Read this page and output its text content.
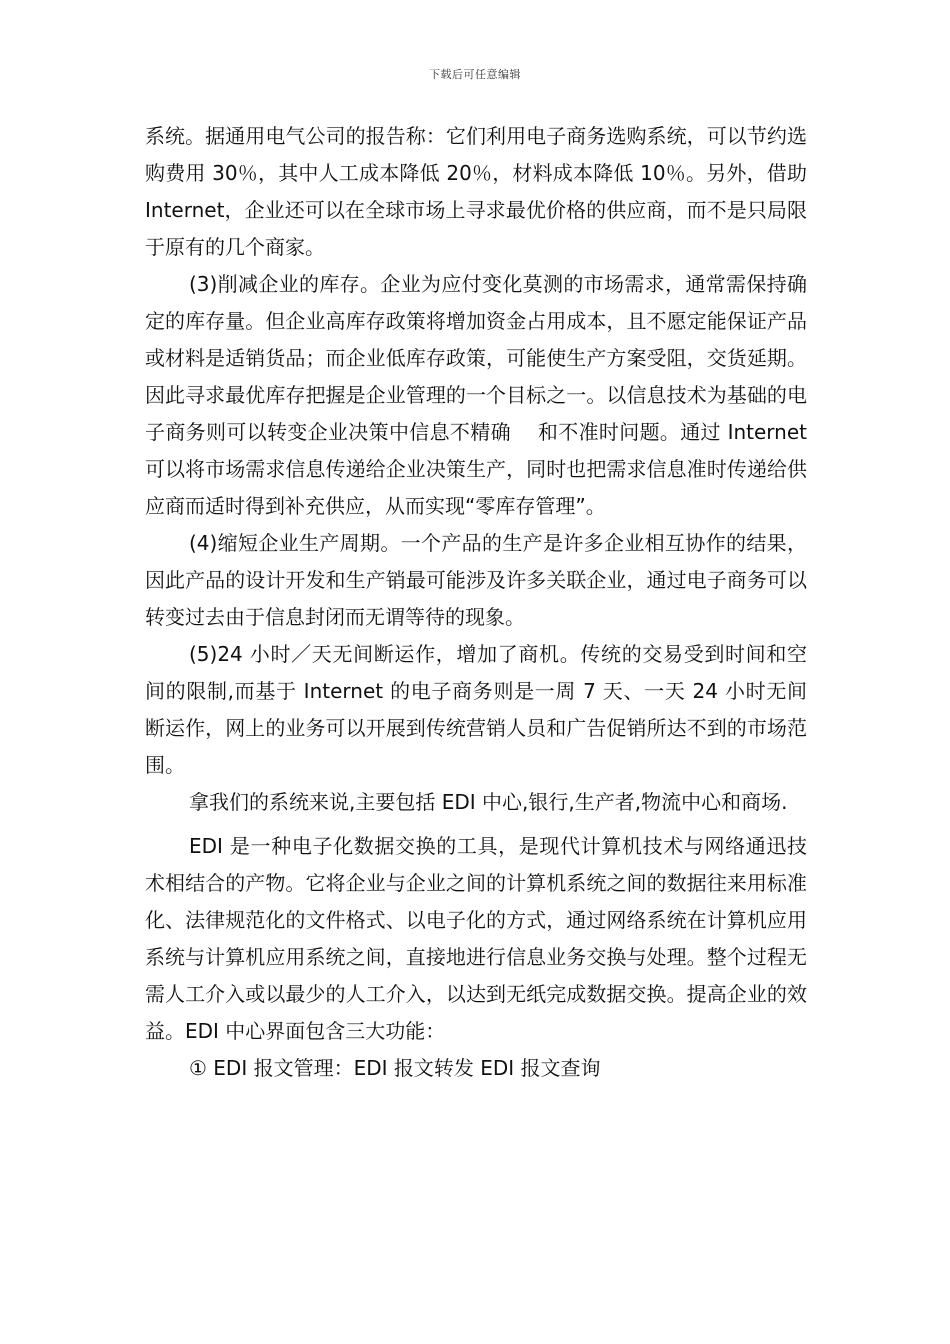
下载后可任意编辑

系统。据通用电气公司的报告称：它们利用电子商务选购系统，可以节约选购费用 30％，其中人工成本降低 20％，材料成本降低 10％。另外，借助 Internet，企业还可以在全球市场上寻求最优价格的供应商，而不是只局限于原有的几个商家。

(3)削减企业的库存。企业为应付变化莫测的市场需求，通常需保持确定的库存量。但企业高库存政策将增加资金占用成本，且不愿定能保证产品或材料是适销货品；而企业低库存政策，可能使生产方案受阻，交货延期。因此寻求最优库存把握是企业管理的一个目标之一。以信息技术为基础的电子商务则可以转变企业决策中信息不精确　 和不准时问题。通过 Internet 可以将市场需求信息传递给企业决策生产，同时也把需求信息准时传递给供应商而适时得到补充供应，从而实现“零库存管理”。

(4)缩短企业生产周期。一个产品的生产是许多企业相互协作的结果，因此产品的设计开发和生产销最可能涉及许多关联企业，通过电子商务可以转变过去由于信息封闭而无谓等待的现象。

(5)24 小时／天无间断运作，增加了商机。传统的交易受到时间和空间的限制,而基于 Internet 的电子商务则是一周 7 天、一天 24 小时无间断运作，网上的业务可以开展到传统营销人员和广告促销所达不到的市场范围。

拿我们的系统来说,主要包括 EDI 中心,银行,生产者,物流中心和商场.

EDI 是一种电子化数据交换的工具，是现代计算机技术与网络通迅技术相结合的产物。它将企业与企业之间的计算机系统之间的数据往来用标准化、法律规范化的文件格式、以电子化的方式，通过网络系统在计算机应用系统与计算机应用系统之间，直接地进行信息业务交换与处理。整个过程无需人工介入或以最少的人工介入，以达到无纸完成数据交换。提高企业的效益。EDI 中心界面包含三大功能：

① EDI 报文管理：EDI 报文转发 EDI 报文查询
